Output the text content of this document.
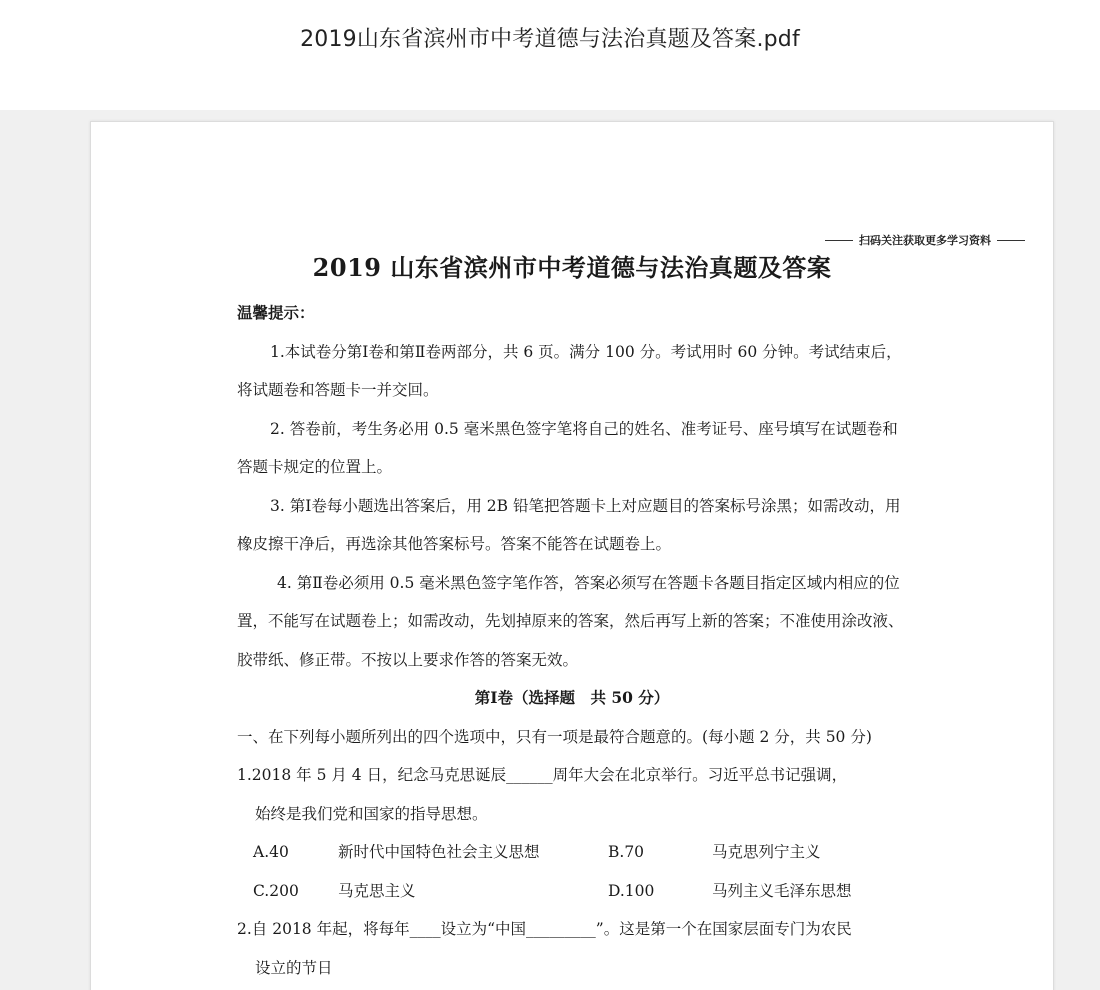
2019山东省滨州市中考道德与法治真题及答案.pdf
扫码关注获取更多学习资料
2019 山东省滨州市中考道德与法治真题及答案

温馨提示：

1.本试卷分第Ⅰ卷和第Ⅱ卷两部分，共 6 页。满分 100 分。考试用时 60 分钟。考试结束后，将试题卷和答题卡一并交回。

2. 答卷前，考生务必用 0.5 毫米黑色签字笔将自己的姓名、准考证号、座号填写在试题卷和答题卡规定的位置上。

3. 第Ⅰ卷每小题选出答案后，用 2B 铅笔把答题卡上对应题目的答案标号涂黑；如需改动，用橡皮擦干净后，再选涂其他答案标号。答案不能答在试题卷上。

4. 第Ⅱ卷必须用 0.5 毫米黑色签字笔作答，答案必须写在答题卡各题目指定区域内相应的位置，不能写在试题卷上；如需改动，先划掉原来的答案，然后再写上新的答案；不准使用涂改液、胶带纸、修正带。不按以上要求作答的答案无效。

第Ⅰ卷（选择题　共 50 分）

一、在下列每小题所列出的四个选项中，只有一项是最符合题意的。(每小题 2 分，共 50 分)

1.2018 年 5 月 4 日，纪念马克思诞辰______周年大会在北京举行。习近平总书记强调，

始终是我们党和国家的指导思想。

A.40	新时代中国特色社会主义思想	B.70	马克思列宁主义
C.200	马克思主义	D.100	马列主义毛泽东思想

2.自 2018 年起，将每年____设立为“中国_________”。这是第一个在国家层面专门为农民

设立的节日
